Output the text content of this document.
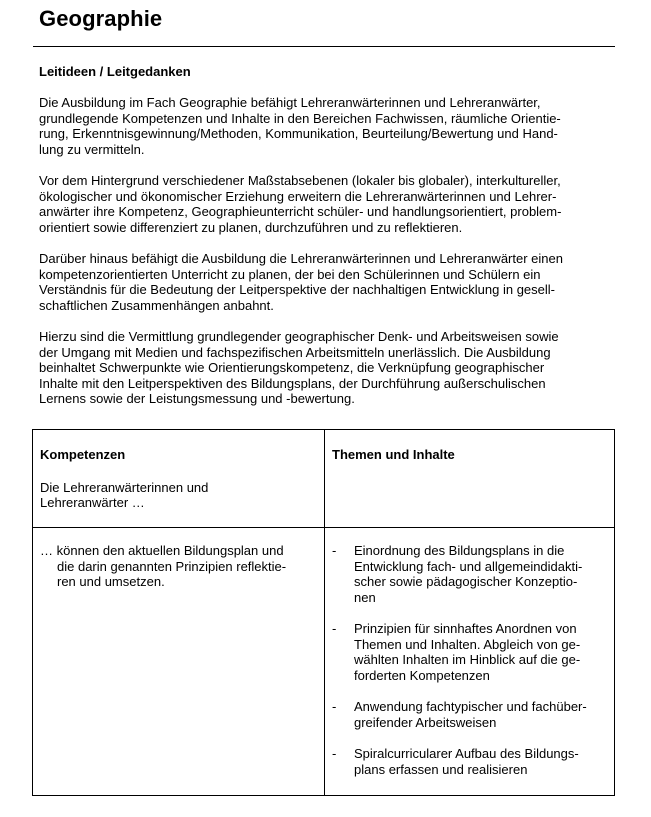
Geographie
Leitideen / Leitgedanken

Die Ausbildung im Fach Geographie befähigt Lehreranwärterinnen und Lehreranwärter,
grundlegende Kompetenzen und Inhalte in den Bereichen Fachwissen, räumliche Orientie-
rung, Erkenntnisgewinnung/Methoden, Kommunikation, Beurteilung/Bewertung und Hand-
lung zu vermitteln.

Vor dem Hintergrund verschiedener Maßstabsebenen (lokaler bis globaler), interkultureller,
ökologischer und ökonomischer Erziehung erweitern die Lehreranwärterinnen und Lehrer-
anwärter ihre Kompetenz, Geographieunterricht schüler- und handlungsorientiert, problem-
orientiert sowie differenziert zu planen, durchzuführen und zu reflektieren.

Darüber hinaus befähigt die Ausbildung die Lehreranwärterinnen und Lehreranwärter einen
kompetenzorientierten Unterricht zu planen, der bei den Schülerinnen und Schülern ein
Verständnis für die Bedeutung der Leitperspektive der nachhaltigen Entwicklung in gesell-
schaftlichen Zusammenhängen anbahnt.

Hierzu sind die Vermittlung grundlegender geographischer Denk- und Arbeitsweisen sowie
der Umgang mit Medien und fachspezifischen Arbeitsmitteln unerlässlich. Die Ausbildung
beinhaltet Schwerpunkte wie Orientierungskompetenz, die Verknüpfung geographischer
Inhalte mit den Leitperspektiven des Bildungsplans, der Durchführung außerschulischen
Lernens sowie der Leistungsmessung und -bewertung.

Kompetenzen
Die Lehreranwärterinnen und
Lehreranwärter …
Themen und Inhalte
… können den aktuellen Bildungsplan und
die darin genannten Prinzipien reflektie-
ren und umsetzen.
- Einordnung des Bildungsplans in die
Entwicklung fach- und allgemeindidakti-
scher sowie pädagogischer Konzeptio-
nen
- Prinzipien für sinnhaftes Anordnen von
Themen und Inhalten. Abgleich von ge-
wählten Inhalten im Hinblick auf die ge-
forderten Kompetenzen
- Anwendung fachtypischer und fachüber-
greifender Arbeitsweisen
- Spiralcurricularer Aufbau des Bildungs-
plans erfassen und realisieren
